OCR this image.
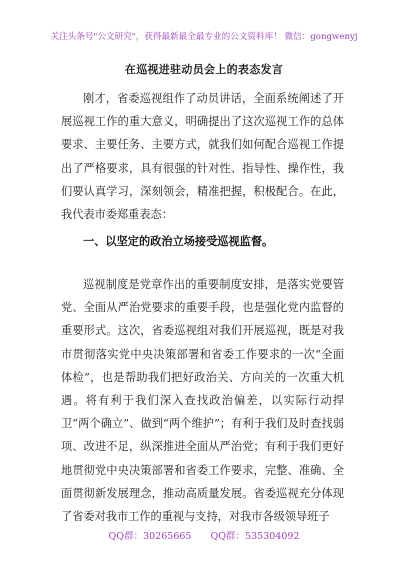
关注头条号"公文研究"，获得最新最全最专业的公文资料库！ 微信：gongwenyj
在巡视进驻动员会上的表态发言

刚才，省委巡视组作了动员讲话，全面系统阐述了开展巡视工作的重大意义，明确提出了这次巡视工作的总体要求、主要任务、主要方式，就我们如何配合巡视工作提出了严格要求，具有很强的针对性、指导性、操作性，我们要认真学习，深刻领会，精准把握，积极配合。在此，我代表市委郑重表态：

一、以坚定的政治立场接受巡视监督。

巡视制度是党章作出的重要制度安排，是落实党要管党、全面从严治党要求的重要手段，也是强化党内监督的重要形式。这次，省委巡视组对我们开展巡视，既是对我市贯彻落实党中央决策部署和省委工作要求的一次“全面体检”，也是帮助我们把好政治关、方向关的一次重大机遇。将有利于我们深入查找政治偏差，以实际行动捍卫“两个确立”、做到“两个维护”；有利于我们及时查找弱项、改进不足，纵深推进全面从严治党；有利于我们更好地贯彻党中央决策部署和省委工作要求，完整、准确、全面贯彻新发展理念，推动高质量发展。省委巡视充分体现了省委对我市工作的重视与支持，对我市各级领导班子

QQ群：30265665 QQ群：535304092
